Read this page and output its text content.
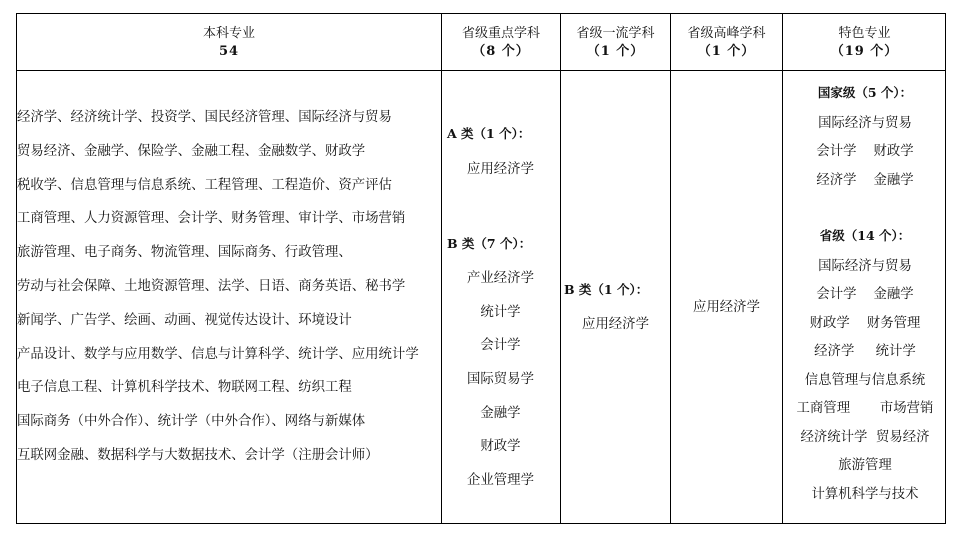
本科专业
54
省级重点学科
（8 个）
省级一流学科
（1 个）
省级高峰学科
（1 个）
特色专业
（19 个）
经济学、经济统计学、投资学、国民经济管理、国际经济与贸易
贸易经济、金融学、保险学、金融工程、金融数学、财政学
税收学、信息管理与信息系统、工程管理、工程造价、资产评估
工商管理、人力资源管理、会计学、财务管理、审计学、市场营销
旅游管理、电子商务、物流管理、国际商务、行政管理、
劳动与社会保障、土地资源管理、法学、日语、商务英语、秘书学
新闻学、广告学、绘画、动画、视觉传达设计、环境设计
产品设计、数学与应用数学、信息与计算科学、统计学、应用统计学
电子信息工程、计算机科学技术、物联网工程、纺织工程
国际商务（中外合作）、统计学（中外合作）、网络与新媒体
互联网金融、数据科学与大数据技术、会计学（注册会计师）
A 类（1 个）：
应用经济学
B 类（7 个）：
产业经济学
统计学
会计学
国际贸易学
金融学
财政学
企业管理学
B 类（1 个）：
应用经济学
应用经济学
国家级（5 个）：
国际经济与贸易
会计学    财政学
经济学    金融学
省级（14 个）：
国际经济与贸易
会计学    金融学
财政学    财务管理
经济学     统计学
信息管理与信息系统
工商管理       市场营销
经济统计学  贸易经济
旅游管理
计算机科学与技术
